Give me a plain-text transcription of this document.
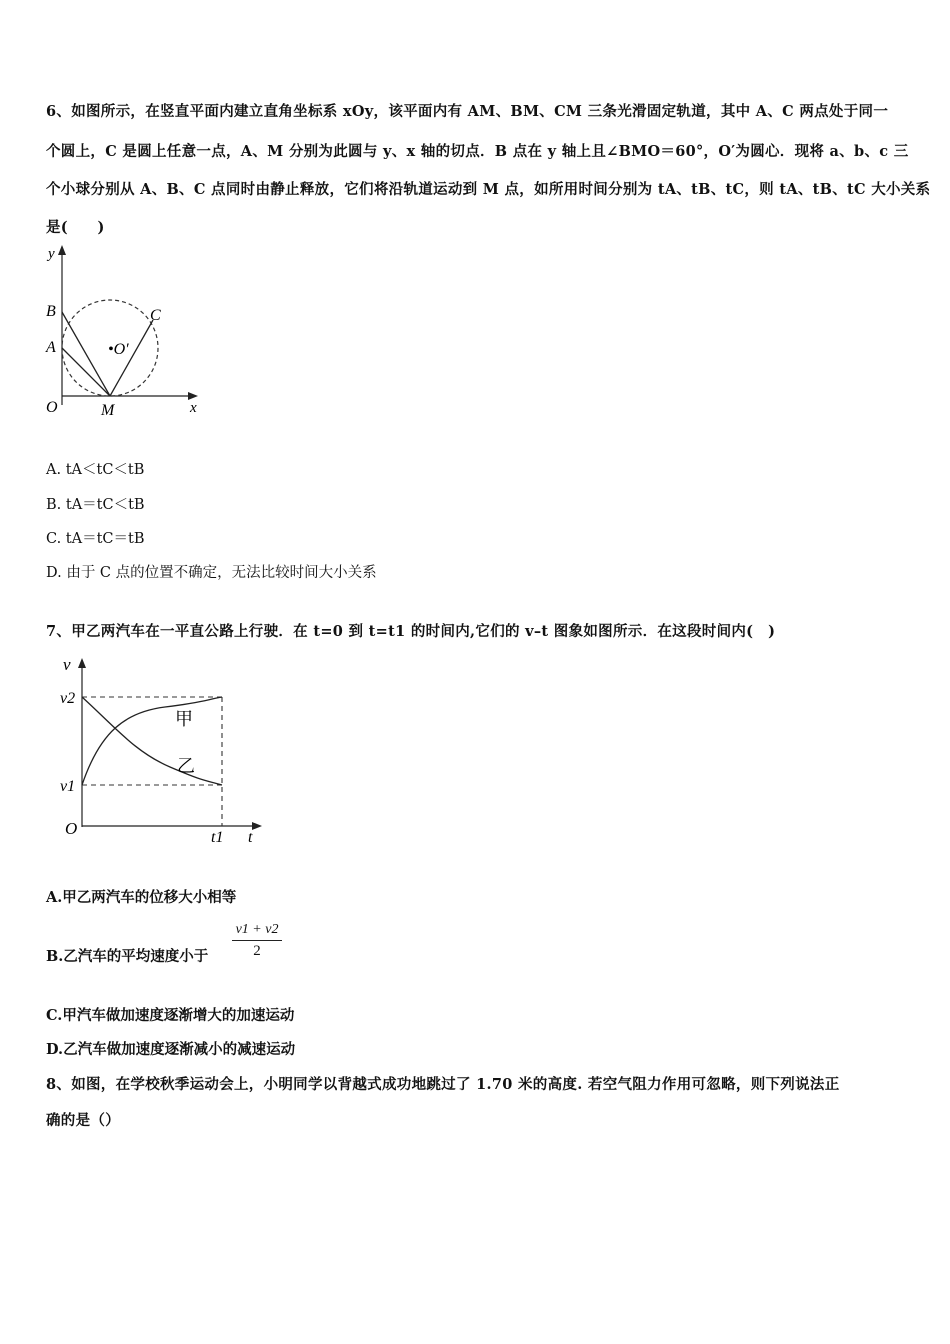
6、如图所示，在竖直平面内建立直角坐标系 xOy，该平面内有 AM、BM、CM 三条光滑固定轨道，其中 A、C 两点处于同一
个圆上，C 是圆上任意一点，A、M 分别为此圆与 y、x 轴的切点．B 点在 y 轴上且∠BMO＝60°，O′为圆心．现将 a、b、c 三
个小球分别从 A、B、C 点同时由静止释放，它们将沿轨道运动到 M 点，如所用时间分别为 tA、tB、tC，则 tA、tB、tC 大小关系
是(　　)
y
B
A
C
•O′
O	M	x
A. tA＜tC＜tB
B. tA＝tC＜tB
C. tA＝tC＝tB
D. 由于 C 点的位置不确定，无法比较时间大小关系
7、甲乙两汽车在一平直公路上行驶．在 t=0 到 t=t1 的时间内,它们的 v–t 图象如图所示．在这段时间内(　)
v
v2
v1
O	t1 t
甲
乙
A.甲乙两汽车的位移大小相等
B.乙汽车的平均速度小于 $\frac{v1 + v2}{2}$
C.甲汽车做加速度逐渐增大的加速运动
D.乙汽车做加速度逐渐减小的减速运动
8、如图，在学校秋季运动会上，小明同学以背越式成功地跳过了 1.70 米的高度. 若空气阻力作用可忽略，则下列说法正
确的是（）
